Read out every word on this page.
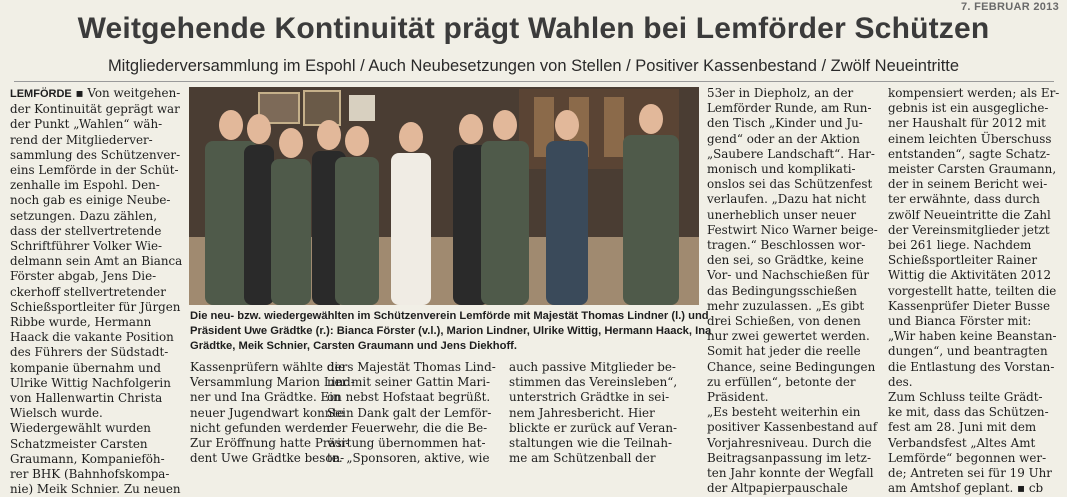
7. FEBRUAR 2013
Weitgehende Kontinuität prägt Wahlen bei Lemförder Schützen
Mitgliederversammlung im Espohl / Auch Neubesetzungen von Stellen / Positiver Kassenbestand / Zwölf Neueintritte

LEMFÖRDE ▪ Von weitgehen-

der Kontinuität geprägt war

der Punkt „Wahlen“ wäh-

rend der Mitgliederver-

sammlung des Schützenver-

eins Lemförde in der Schüt-

zenhalle im Espohl. Den-

noch gab es einige Neube-

setzungen. Dazu zählen,

dass der stellvertretende

Schriftführer Volker Wie-

delmann sein Amt an Bianca

Förster abgab, Jens Die-

ckerhoff stellvertretender

Schießsportleiter für Jürgen

Ribbe wurde, Hermann

Haack die vakante Position

des Führers der Südstadt-

kompanie übernahm und

Ulrike Wittig Nachfolgerin

von Hallenwartin Christa

Wielsch wurde.

Wiedergewählt wurden

Schatzmeister Carsten

Graumann, Kompanieföh-

rer BHK (Bahnhofskompa-

nie) Meik Schnier. Zu neuen

Die neu- bzw. wiedergewählten im Schützenverein Lemförde mit Majestät Thomas Lindner (l.) und

Präsident Uwe Grädtke (r.): Bianca Förster (v.l.), Marion Lindner, Ulrike Wittig, Hermann Haack, Ina

Grädtke, Meik Schnier, Carsten Graumann und Jens Diekhoff.

Kassenprüfern wählte die

Versammlung Marion Lind-

ner und Ina Grädtke. Ein

neuer Jugendwart konnte

nicht gefunden werden.

Zur Eröffnung hatte Präsi-

dent Uwe Grädtke beson-

ders Majestät Thomas Lind-

ner mit seiner Gattin Mari-

on nebst Hofstaat begrüßt.

Sein Dank galt der Lemför-

der Feuerwehr, die die Be-

wirtung übernommen hat-

te. „Sponsoren, aktive, wie

auch passive Mitglieder be-

stimmen das Vereinsleben“,

unterstrich Grädtke in sei-

nem Jahresbericht. Hier

blickte er zurück auf Veran-

staltungen wie die Teilnah-

me am Schützenball der

53er in Diepholz, an der

Lemförder Runde, am Run-

den Tisch „Kinder und Ju-

gend“ oder an der Aktion

„Saubere Landschaft“. Har-

monisch und komplikati-

onslos sei das Schützenfest

verlaufen. „Dazu hat nicht

unerheblich unser neuer

Festwirt Nico Warner beige-

tragen.“ Beschlossen wor-

den sei, so Grädtke, keine

Vor- und Nachschießen für

das Bedingungsschießen

mehr zuzulassen. „Es gibt

drei Schießen, von denen

nur zwei gewertet werden.

Somit hat jeder die reelle

Chance, seine Bedingungen

zu erfüllen“, betonte der

Präsident.

„Es besteht weiterhin ein

positiver Kassenbestand auf

Vorjahresniveau. Durch die

Beitragsanpassung im letz-

ten Jahr konnte der Wegfall

der Altpapierpauschale

kompensiert werden; als Er-

gebnis ist ein ausgegliche-

ner Haushalt für 2012 mit

einem leichten Überschuss

entstanden“, sagte Schatz-

meister Carsten Graumann,

der in seinem Bericht wei-

ter erwähnte, dass durch

zwölf Neueintritte die Zahl

der Vereinsmitglieder jetzt

bei 261 liege. Nachdem

Schießsportleiter Rainer

Wittig die Aktivitäten 2012

vorgestellt hatte, teilten die

Kassenprüfer Dieter Busse

und Bianca Förster mit:

„Wir haben keine Beanstan-

dungen“, und beantragten

die Entlastung des Vorstan-

des.

Zum Schluss teilte Grädt-

ke mit, dass das Schützen-

fest am 28. Juni mit dem

Verbandsfest „Altes Amt

Lemförde“ begonnen wer-

de; Antreten sei für 19 Uhr

am Amtshof geplant. ▪ cb
